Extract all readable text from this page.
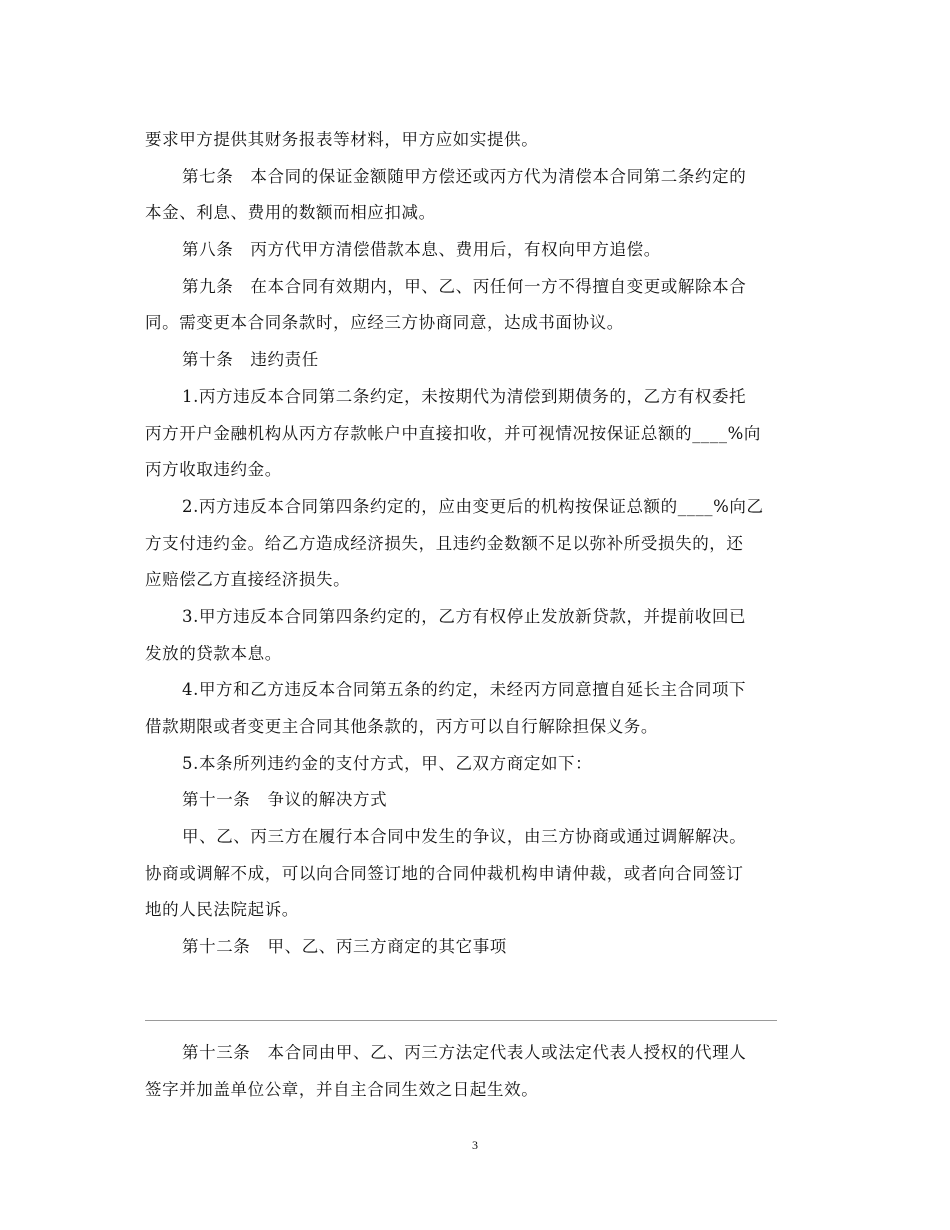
要求甲方提供其财务报表等材料，甲方应如实提供。
第七条　本合同的保证金额随甲方偿还或丙方代为清偿本合同第二条约定的
本金、利息、费用的数额而相应扣减。
第八条　丙方代甲方清偿借款本息、费用后，有权向甲方追偿。
第九条　在本合同有效期内，甲、乙、丙任何一方不得擅自变更或解除本合
同。需变更本合同条款时，应经三方协商同意，达成书面协议。
第十条　违约责任
1.丙方违反本合同第二条约定，未按期代为清偿到期债务的，乙方有权委托
丙方开户金融机构从丙方存款帐户中直接扣收，并可视情况按保证总额的____%向
丙方收取违约金。
2.丙方违反本合同第四条约定的，应由变更后的机构按保证总额的____%向乙
方支付违约金。给乙方造成经济损失，且违约金数额不足以弥补所受损失的，还
应赔偿乙方直接经济损失。
3.甲方违反本合同第四条约定的，乙方有权停止发放新贷款，并提前收回已
发放的贷款本息。
4.甲方和乙方违反本合同第五条的约定，未经丙方同意擅自延长主合同项下
借款期限或者变更主合同其他条款的，丙方可以自行解除担保义务。
5.本条所列违约金的支付方式，甲、乙双方商定如下：
第十一条　争议的解决方式
甲、乙、丙三方在履行本合同中发生的争议，由三方协商或通过调解解决。
协商或调解不成，可以向合同签订地的合同仲裁机构申请仲裁，或者向合同签订
地的人民法院起诉。
第十二条　甲、乙、丙三方商定的其它事项
第十三条　本合同由甲、乙、丙三方法定代表人或法定代表人授权的代理人
签字并加盖单位公章，并自主合同生效之日起生效。
3
